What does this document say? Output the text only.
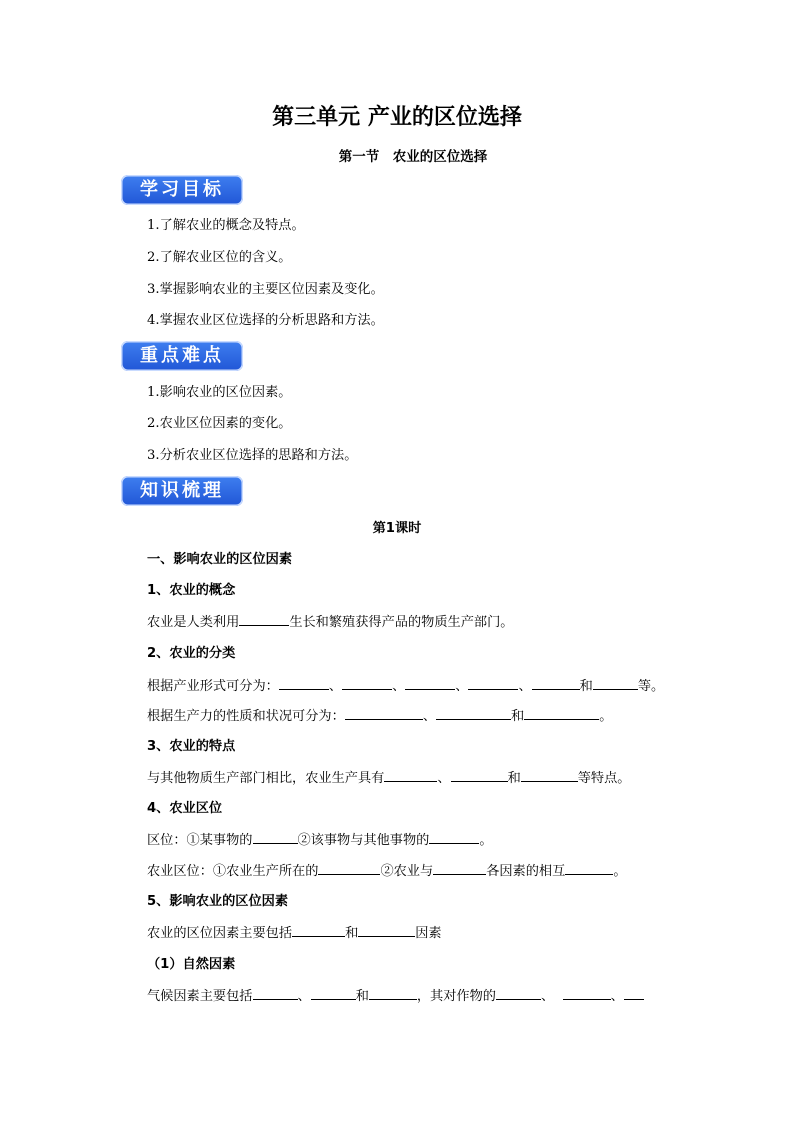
第三单元 产业的区位选择
第一节　农业的区位选择
学习目标
1.了解农业的概念及特点。
2.了解农业区位的含义。
3.掌握影响农业的主要区位因素及变化。
4.掌握农业区位选择的分析思路和方法。
重点难点
1.影响农业的区位因素。
2.农业区位因素的变化。
3.分析农业区位选择的思路和方法。
知识梳理
第1课时
一、影响农业的区位因素
1、农业的概念
农业是人类利用	生长和繁殖获得产品的物质生产部门。
2、农业的分类
根据产业形式可分为：	、	、	、	、	和	等。
根据生产力的性质和状况可分为：	、	和	。
3、农业的特点
与其他物质生产部门相比，农业生产具有	、	和	等特点。
4、农业区位
区位：①某事物的	②该事物与其他事物的	。
农业区位：①农业生产所在的	②农业与	各因素的相互	。
5、影响农业的区位因素
农业的区位因素主要包括	和	因素
（1）自然因素
气候因素主要包括	、	和	，其对作物的	、	、
